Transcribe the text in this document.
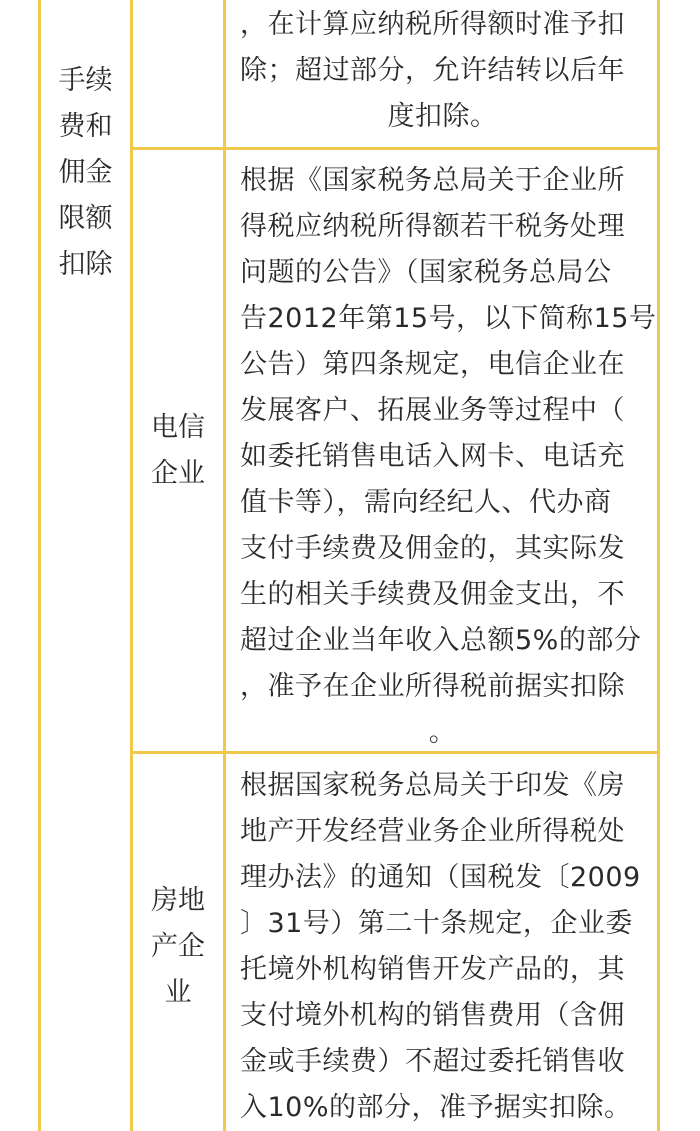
手续
费和
佣金
限额
扣除
，在计算应纳税所得额时准予扣
除；超过部分，允许结转以后年
度扣除。
电信
企业
根据《国家税务总局关于企业所
得税应纳税所得额若干税务处理
问题的公告》（国家税务总局公
告2012年第15号，以下简称15号
公告）第四条规定，电信企业在
发展客户、拓展业务等过程中（
如委托销售电话入网卡、电话充
值卡等），需向经纪人、代办商
支付手续费及佣金的，其实际发
生的相关手续费及佣金支出，不
超过企业当年收入总额5%的部分
，准予在企业所得税前据实扣除
。
房地
产企
业
根据国家税务总局关于印发《房
地产开发经营业务企业所得税处
理办法》的通知（国税发〔2009
〕31号）第二十条规定，企业委
托境外机构销售开发产品的，其
支付境外机构的销售费用（含佣
金或手续费）不超过委托销售收
入10%的部分，准予据实扣除。
